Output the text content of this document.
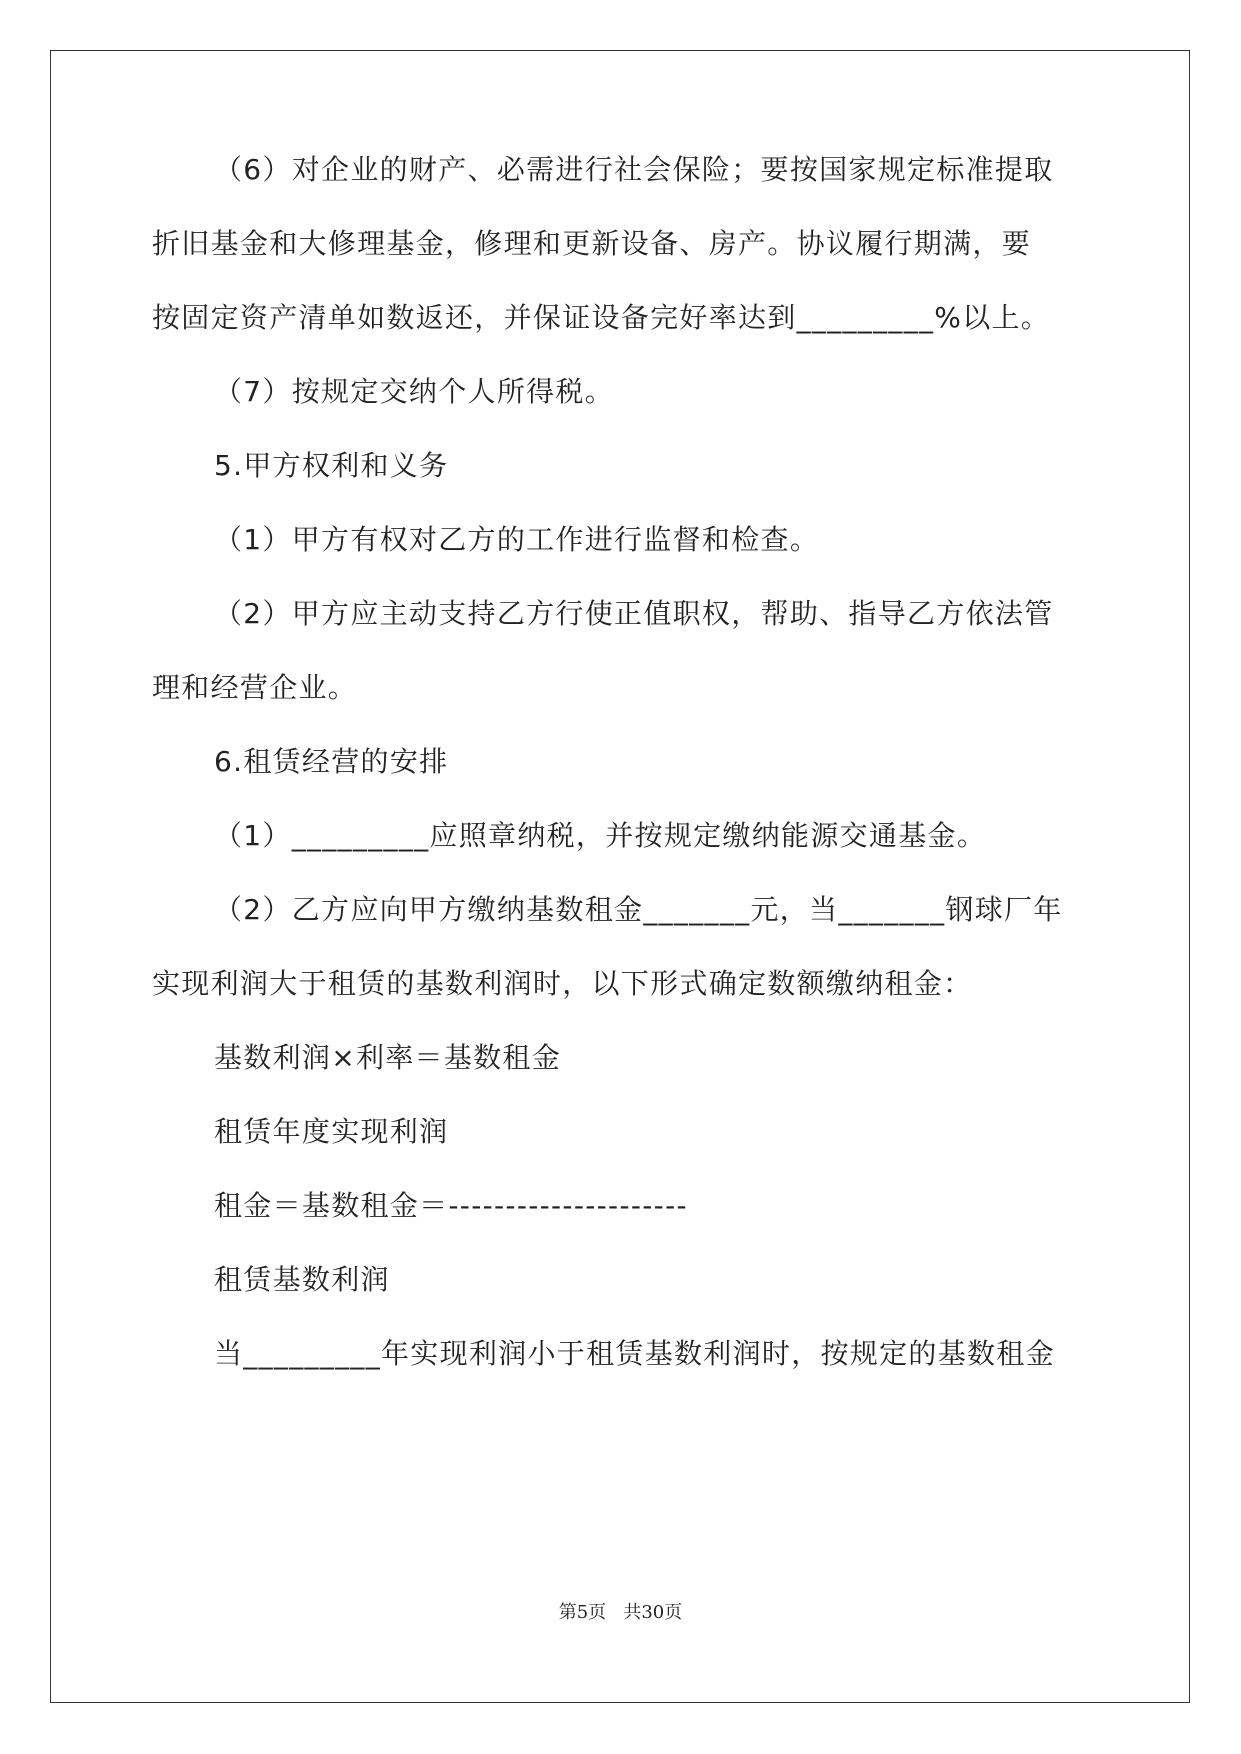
（6）对企业的财产、必需进行社会保险；要按国家规定标准提取

折旧基金和大修理基金，修理和更新设备、房产。协议履行期满，要

按固定资产清单如数返还，并保证设备完好率达到_________%以上。

（7）按规定交纳个人所得税。

5.甲方权利和义务

（1）甲方有权对乙方的工作进行监督和检查。

（2）甲方应主动支持乙方行使正值职权，帮助、指导乙方依法管

理和经营企业。

6.租赁经营的安排

（1）_________应照章纳税，并按规定缴纳能源交通基金。

（2）乙方应向甲方缴纳基数租金_______元，当_______钢球厂年

实现利润大于租赁的基数利润时，以下形式确定数额缴纳租金：

基数利润×利率＝基数租金

租赁年度实现利润

租金＝基数租金＝---------------------

租赁基数利润

当_________年实现利润小于租赁基数利润时，按规定的基数租金

第5页   共30页
